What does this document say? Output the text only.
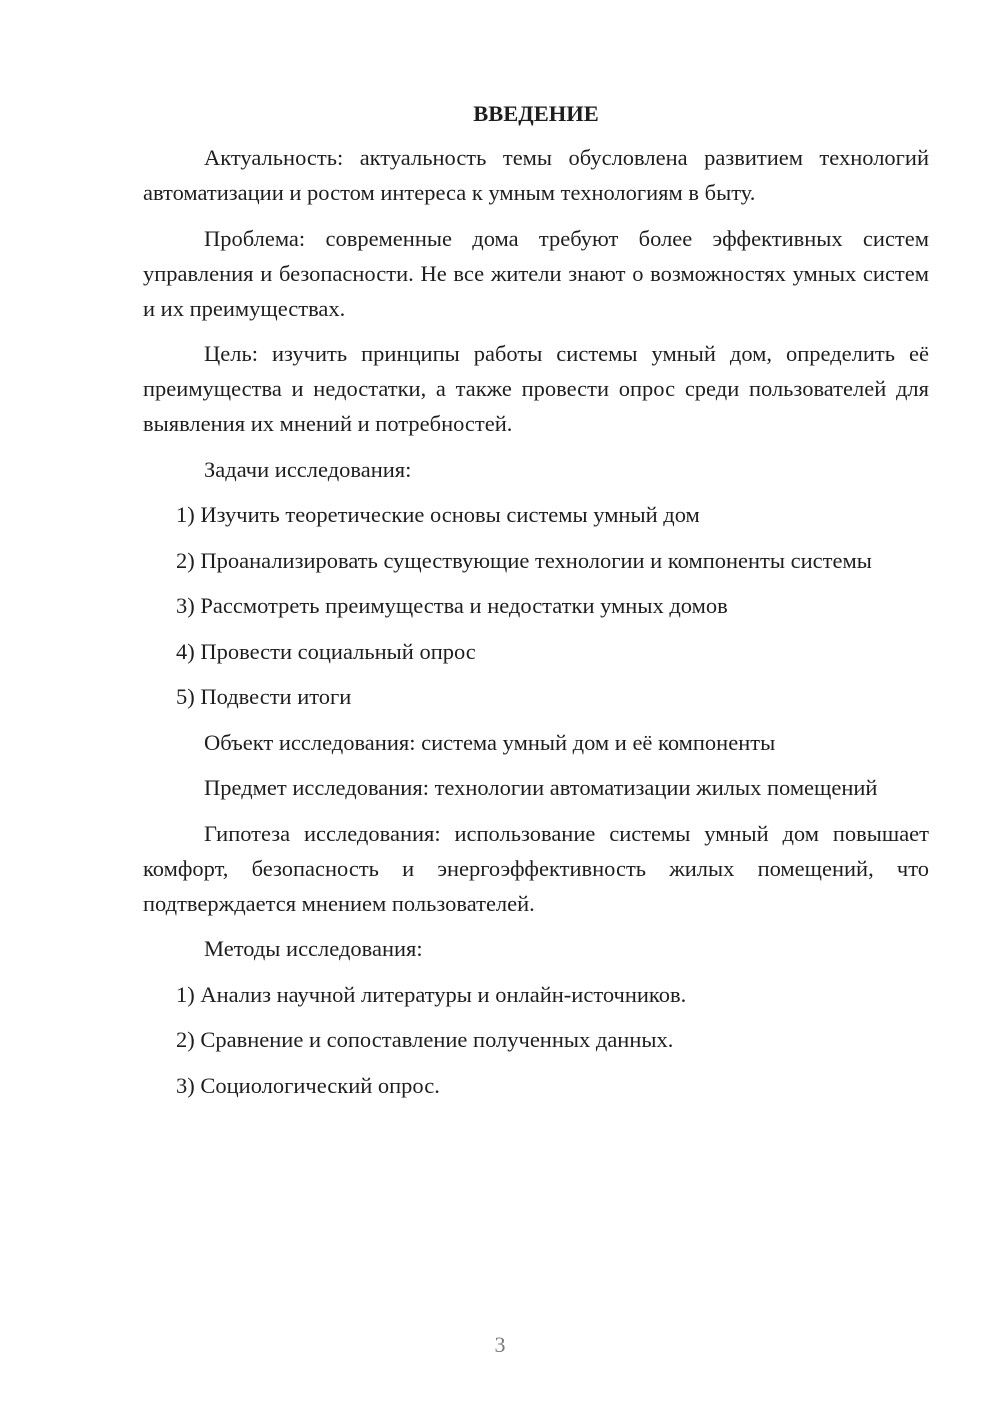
ВВЕДЕНИЕ

Актуальность: актуальность темы обусловлена развитием технологий автоматизации и ростом интереса к умным технологиям в быту.

Проблема: современные дома требуют более эффективных систем управления и безопасности. Не все жители знают о возможностях умных систем и их преимуществах.

Цель: изучить принципы работы системы умный дом, определить её преимущества и недостатки, а также провести опрос среди пользователей для выявления их мнений и потребностей.

Задачи исследования:

1) Изучить теоретические основы системы умный дом

2) Проанализировать существующие технологии и компоненты системы

3) Рассмотреть преимущества и недостатки умных домов

4) Провести социальный опрос

5) Подвести итоги

Объект исследования: система умный дом и её компоненты

Предмет исследования: технологии автоматизации жилых помещений

Гипотеза исследования: использование системы умный дом повышает комфорт, безопасность и энергоэффективность жилых помещений, что подтверждается мнением пользователей.

Методы исследования:

1) Анализ научной литературы и онлайн-источников.

2) Сравнение и сопоставление полученных данных.

3) Социологический опрос.

3
